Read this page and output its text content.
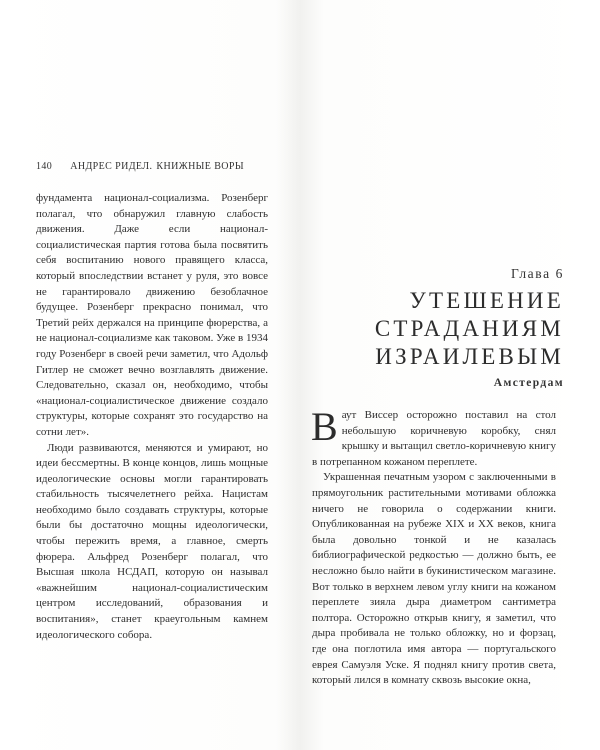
140 АНДРЕС РИДЕЛ. КНИЖНЫЕ ВОРЫ

фундамента национал-социализма. Розенберг полагал, что обнаружил главную слабость движения. Даже если национал-социалистическая партия готова была посвятить себя воспитанию нового правящего класса, который впоследствии встанет у руля, это вовсе не гарантировало движению безоблачное будущее. Розенберг прекрасно понимал, что Третий рейх держался на принципе фюрерства, а не национал-социализме как таковом. Уже в 1934 году Розенберг в своей речи заметил, что Адольф Гитлер не сможет вечно возглавлять движение. Следовательно, сказал он, необходимо, чтобы «национал-социалистическое движение создало структуры, которые сохранят это государство на сотни лет».

Люди развиваются, меняются и умирают, но идеи бессмертны. В конце концов, лишь мощные идеологические основы могли гарантировать стабильность тысячелетнего рейха. Нацистам необходимо было создавать структуры, которые были бы достаточно мощны идеологически, чтобы пережить время, а главное, смерть фюрера. Альфред Розенберг полагал, что Высшая школа НСДАП, которую он называл «важнейшим национал-социалистическим центром исследований, образования и воспитания», станет краеугольным камнем идеологического собора.

Глава 6
УТЕШЕНИЕ
СТРАДАНИЯМ
ИЗРАИЛЕВЫМ
Амстердам

Ваут Виссер осторожно поставил на стол небольшую коричневую коробку, снял крышку и вытащил светло-коричневую книгу в потрепанном кожаном переплете.

Украшенная печатным узором с заключенными в прямоугольник растительными мотивами обложка ничего не говорила о содержании книги. Опубликованная на рубеже XIX и XX веков, книга была довольно тонкой и не казалась библиографической редкостью — должно быть, ее несложно было найти в букинистическом магазине. Вот только в верхнем левом углу книги на кожаном переплете зияла дыра диаметром сантиметра полтора. Осторожно открыв книгу, я заметил, что дыра пробивала не только обложку, но и форзац, где она поглотила имя автора — португальского еврея Самуэля Уске. Я поднял книгу против света, который лился в комнату сквозь высокие окна,
